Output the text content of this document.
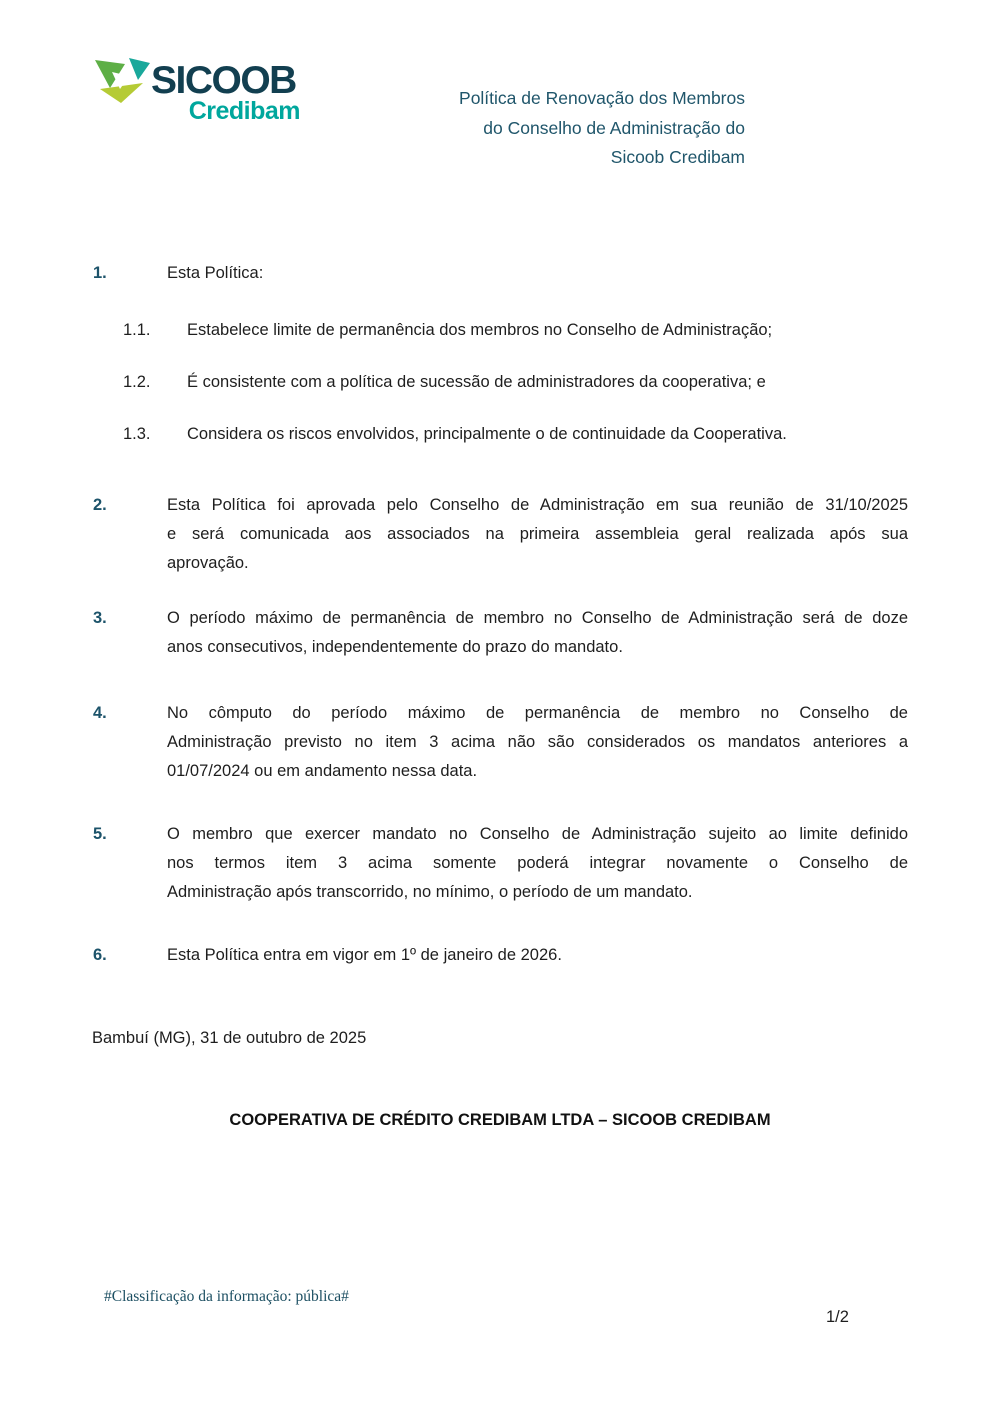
SICOOB
Credibam	Política de Renovação dos Membros
do Conselho de Administração do
Sicoob Credibam
1.	Esta Política:
1.1. Estabelece limite de permanência dos membros no Conselho de Administração;
1.2. É consistente com a política de sucessão de administradores da cooperativa; e
1.3. Considera os riscos envolvidos, principalmente o de continuidade da Cooperativa.
2.	Esta Política foi aprovada pelo Conselho de Administração em sua reunião de 31/10/2025
e será comunicada aos associados na primeira assembleia geral realizada após sua
aprovação.
3.	O período máximo de permanência de membro no Conselho de Administração será de doze
anos consecutivos, independentemente do prazo do mandato.
4.	No cômputo do período máximo de permanência de membro no Conselho de
Administração previsto no item 3 acima não são considerados os mandatos anteriores a
01/07/2024 ou em andamento nessa data.
5.	O membro que exercer mandato no Conselho de Administração sujeito ao limite definido
nos termos item 3 acima somente poderá integrar novamente o Conselho de
Administração após transcorrido, no mínimo, o período de um mandato.
6.	Esta Política entra em vigor em 1º de janeiro de 2026.
Bambuí (MG), 31 de outubro de 2025
COOPERATIVA DE CRÉDITO CREDIBAM LTDA – SICOOB CREDIBAM
#Classificação da informação: pública#
1/2
